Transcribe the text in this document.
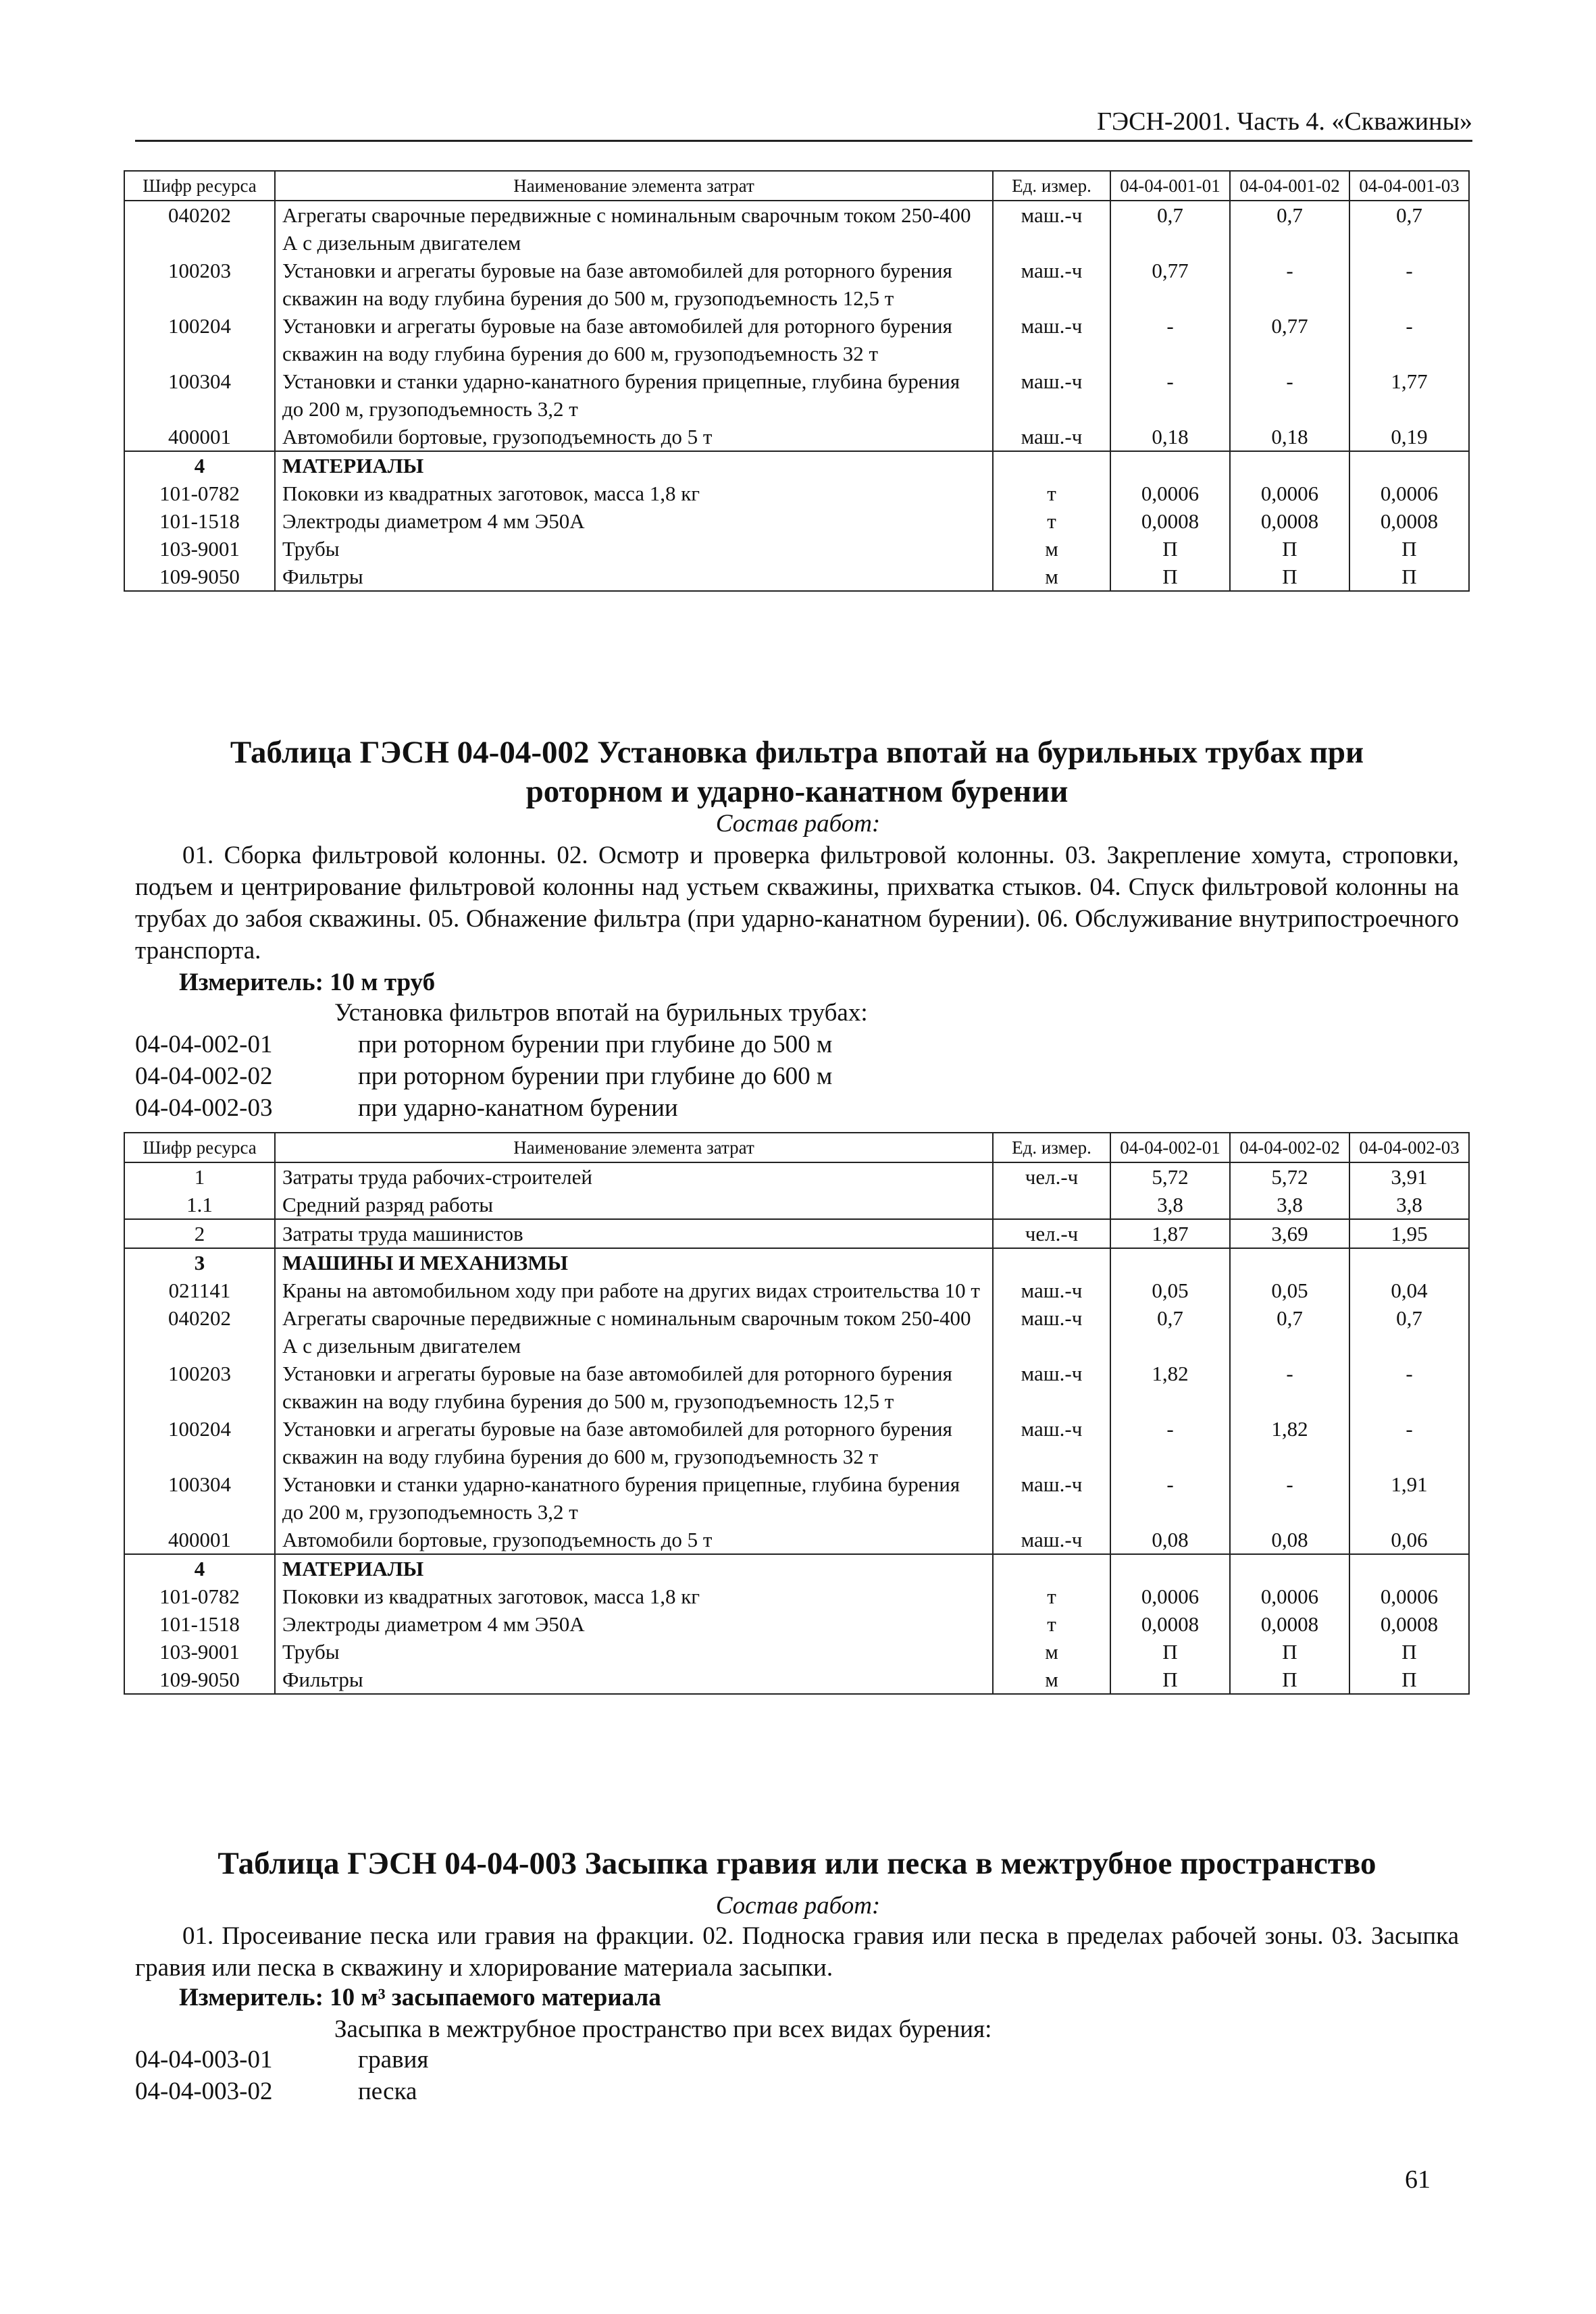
ГЭСН-2001. Часть 4. «Скважины»
Шифр ресурса	Наименование элемента затрат	Ед. измер.	04-04-001-01	04-04-001-02	04-04-001-03
040202	Агрегаты сварочные передвижные с номинальным сварочным током 250-400 А с дизельным двигателем	маш.-ч	0,7	0,7	0,7
100203	Установки и агрегаты буровые на базе автомобилей для роторного бурения скважин на воду глубина бурения до 500 м, грузоподъемность 12,5 т	маш.-ч	0,77	-	-
100204	Установки и агрегаты буровые на базе автомобилей для роторного бурения скважин на воду глубина бурения до 600 м, грузоподъемность 32 т	маш.-ч	-	0,77	-
100304	Установки и станки ударно-канатного бурения прицепные, глубина бурения до 200 м, грузоподъемность 3,2 т	маш.-ч	-	-	1,77
400001	Автомобили бортовые, грузоподъемность до 5 т	маш.-ч	0,18	0,18	0,19
4	МАТЕРИАЛЫ				
101-0782	Поковки из квадратных заготовок, масса 1,8 кг	т	0,0006	0,0006	0,0006
101-1518	Электроды диаметром 4 мм Э50А	т	0,0008	0,0008	0,0008
103-9001	Трубы	м	П	П	П
109-9050	Фильтры	м	П	П	П
Таблица ГЭСН 04-04-002 Установка фильтра впотай на бурильных трубах при
роторном и ударно-канатном бурении
Состав работ:
01. Сборка фильтровой колонны. 02. Осмотр и проверка фильтровой колонны. 03. Закрепление хомута, строповки, подъем и центрирование фильтровой колонны над устьем скважины, прихватка стыков. 04. Спуск фильтровой колонны на трубах до забоя скважины. 05. Обнажение фильтра (при ударно-канатном бурении). 06. Обслуживание внутрипостроечного транспорта.
Измеритель: 10 м труб
Установка фильтров впотай на бурильных трубах:
04-04-002-01	при роторном бурении при глубине до 500 м
04-04-002-02	при роторном бурении при глубине до 600 м
04-04-002-03	при ударно-канатном бурении
Шифр ресурса	Наименование элемента затрат	Ед. измер.	04-04-002-01	04-04-002-02	04-04-002-03
1	Затраты труда рабочих-строителей	чел.-ч	5,72	5,72	3,91
1.1	Средний разряд работы		3,8	3,8	3,8
2	Затраты труда машинистов	чел.-ч	1,87	3,69	1,95
3	МАШИНЫ И МЕХАНИЗМЫ				
021141	Краны на автомобильном ходу при работе на других видах строительства 10 т	маш.-ч	0,05	0,05	0,04
040202	Агрегаты сварочные передвижные с номинальным сварочным током 250-400 А с дизельным двигателем	маш.-ч	0,7	0,7	0,7
100203	Установки и агрегаты буровые на базе автомобилей для роторного бурения скважин на воду глубина бурения до 500 м, грузоподъемность 12,5 т	маш.-ч	1,82	-	-
100204	Установки и агрегаты буровые на базе автомобилей для роторного бурения скважин на воду глубина бурения до 600 м, грузоподъемность 32 т	маш.-ч	-	1,82	-
100304	Установки и станки ударно-канатного бурения прицепные, глубина бурения до 200 м, грузоподъемность 3,2 т	маш.-ч	-	-	1,91
400001	Автомобили бортовые, грузоподъемность до 5 т	маш.-ч	0,08	0,08	0,06
4	МАТЕРИАЛЫ				
101-0782	Поковки из квадратных заготовок, масса 1,8 кг	т	0,0006	0,0006	0,0006
101-1518	Электроды диаметром 4 мм Э50А	т	0,0008	0,0008	0,0008
103-9001	Трубы	м	П	П	П
109-9050	Фильтры	м	П	П	П
Таблица ГЭСН 04-04-003 Засыпка гравия или песка в межтрубное пространство
Состав работ:
01. Просеивание песка или гравия на фракции. 02. Подноска гравия или песка в пределах рабочей зоны. 03. Засыпка гравия или песка в скважину и хлорирование материала засыпки.
Измеритель: 10 м³ засыпаемого материала
Засыпка в межтрубное пространство при всех видах бурения:
04-04-003-01	гравия
04-04-003-02	песка
61
